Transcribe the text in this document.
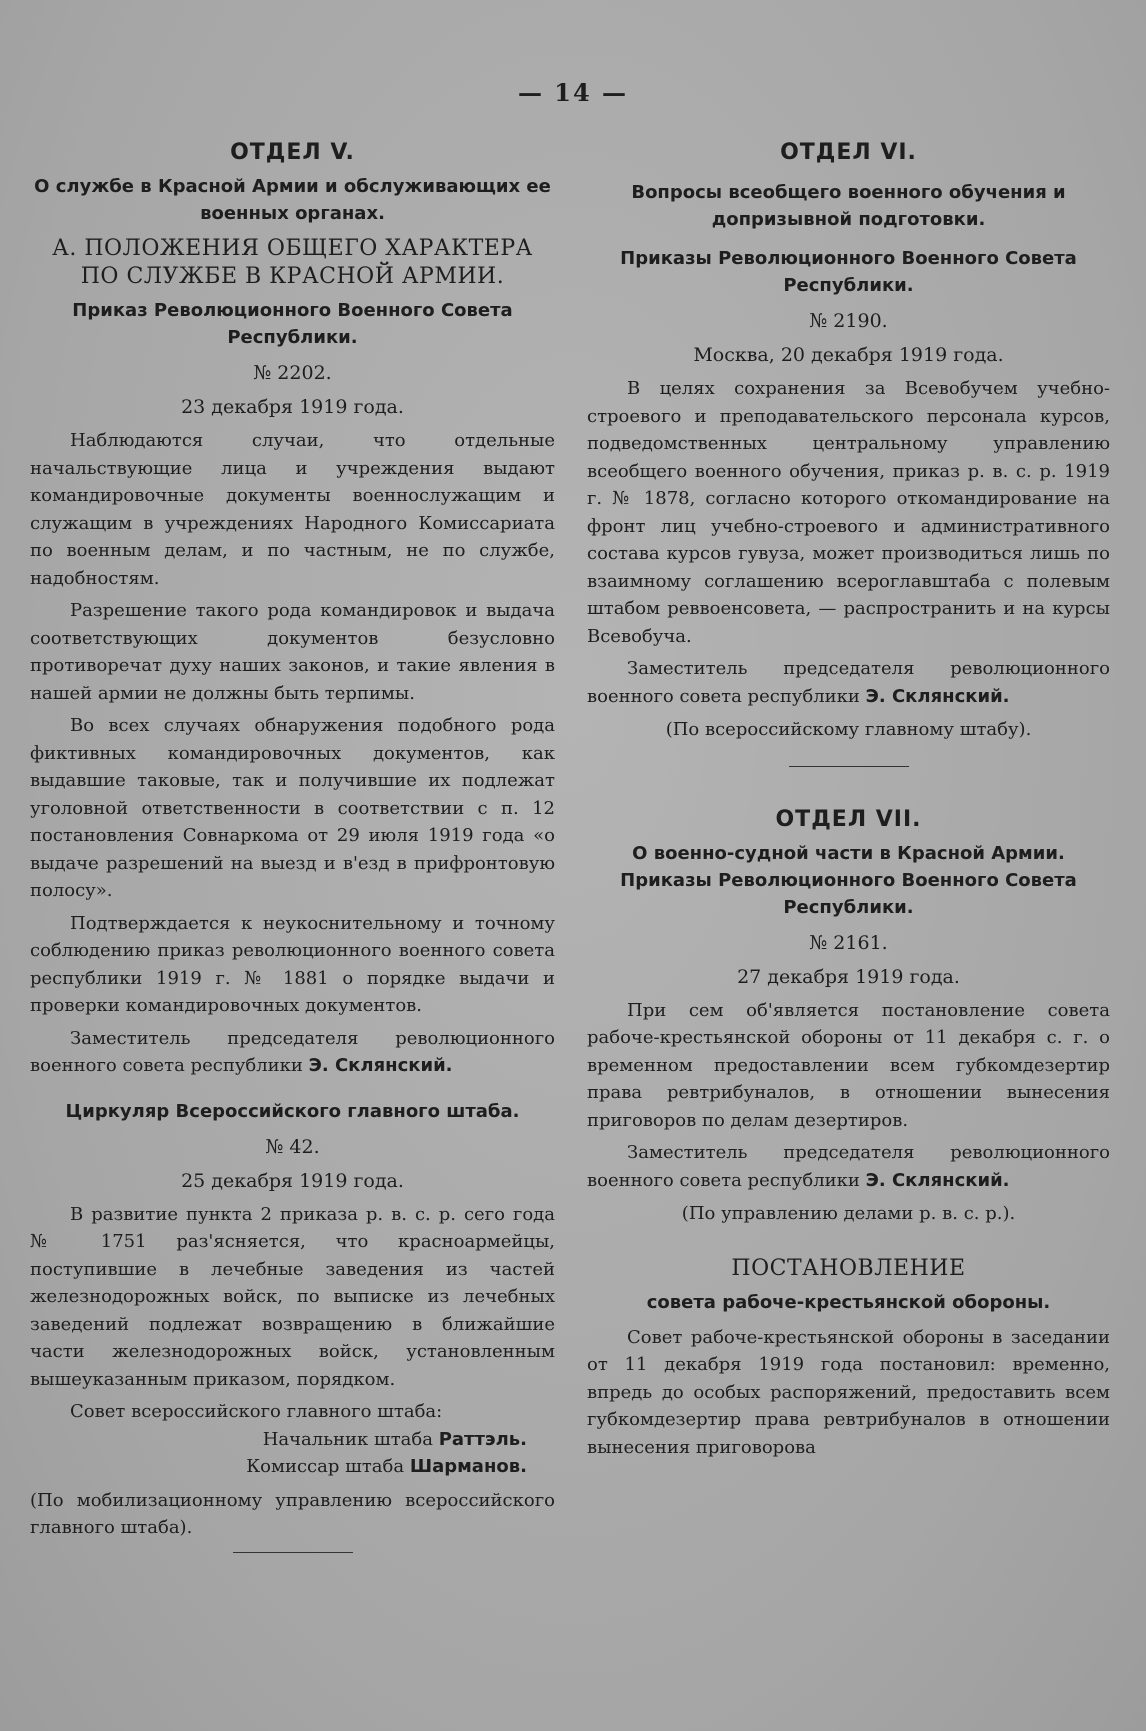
— 14 —
ОТДЕЛ V.
О службе в Красной Армии и обслуживающих ее военных органах.
А. ПОЛОЖЕНИЯ ОБЩЕГО ХАРАКТЕРА ПО СЛУЖБЕ В КРАСНОЙ АРМИИ.
Приказ Революционного Военного Совета Республики.
№ 2202.
23 декабря 1919 года.

Наблюдаются случаи, что отдельные начальствующие лица и учреждения выдают командировочные документы военнослужащим и служащим в учреждениях Народного Комиссариата по военным делам, и по частным, не по службе, надобностям.

Разрешение такого рода командировок и выдача соответствующих документов безусловно противоречат духу наших законов, и такие явления в нашей армии не должны быть терпимы.

Во всех случаях обнаружения подобного рода фиктивных командировочных документов, как выдавшие таковые, так и получившие их подлежат уголовной ответственности в соответствии с п. 12 постановления Совнаркома от 29 июля 1919 года «о выдаче разрешений на выезд и в'езд в прифронтовую полосу».

Подтверждается к неукоснительному и точному соблюдению приказ революционного военного совета республики 1919 г. № 1881 о порядке выдачи и проверки командировочных документов.

Заместитель председателя революционного военного совета республики Э. Склянский.

Циркуляр Всероссийского главного штаба.
№ 42.
25 декабря 1919 года.

В развитие пункта 2 приказа р. в. с. р. сего года № 1751 раз'ясняется, что красноармейцы, поступившие в лечебные заведения из частей железнодорожных войск, по выписке из лечебных заведений подлежат возвращению в ближайшие части железнодорожных войск, установленным вышеуказанным приказом, порядком.

Совет всероссийского главного штаба:

Начальник штаба Раттэль.

Комиссар штаба Шарманов.

(По мобилизационному управлению всероссийского главного штаба).

ОТДЕЛ VI.
Вопросы всеобщего военного обучения и допризывной подготовки.
Приказы Революционного Военного Совета Республики.
№ 2190.
Москва, 20 декабря 1919 года.

В целях сохранения за Всевобучем учебно-строевого и преподавательского персонала курсов, подведомственных центральному управлению всеобщего военного обучения, приказ р. в. с. р. 1919 г. № 1878, согласно которого откомандирование на фронт лиц учебно-строевого и административного состава курсов гувуза, может производиться лишь по взаимному соглашению всероглавштаба с полевым штабом реввоенсовета, — распространить и на курсы Всевобуча.

Заместитель председателя революционного военного совета республики Э. Склянский.

(По всероссийскому главному штабу).

ОТДЕЛ VII.
О военно-судной части в Красной Армии. Приказы Революционного Военного Совета Республики.
№ 2161.
27 декабря 1919 года.

При сем об'является постановление совета рабоче-крестьянской обороны от 11 декабря с. г. о временном предоставлении всем губкомдезертир права ревтрибуналов, в отношении вынесения приговоров по делам дезертиров.

Заместитель председателя революционного военного совета республики Э. Склянский.

(По управлению делами р. в. с. р.).

ПОСТАНОВЛЕНИЕ
совета рабоче-крестьянской обороны.

Совет рабоче-крестьянской обороны в заседании от 11 декабря 1919 года постановил: временно, впредь до особых распоряжений, предоставить всем губкомдезертир права ревтрибуналов в отношении вынесения приговорова
